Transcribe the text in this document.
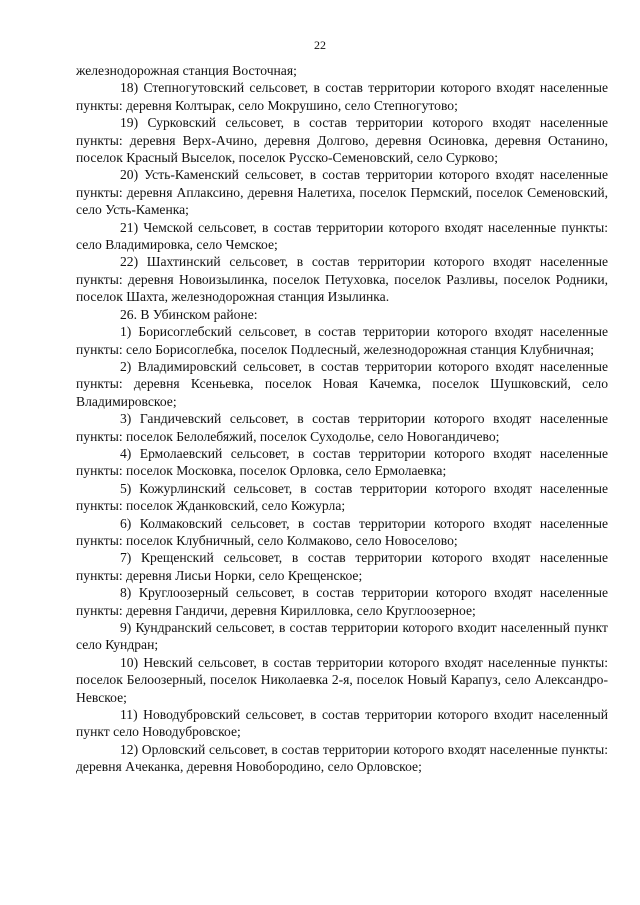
22

железнодорожная станция Восточная;

18) Степногутовский сельсовет, в состав территории которого входят населенные пункты: деревня Колтырак, село Мокрушино, село Степногутово;

19) Сурковский сельсовет, в состав территории которого входят населенные пункты: деревня Верх-Ачино, деревня Долгово, деревня Осиновка, деревня Останино, поселок Красный Выселок, поселок Русско-Семеновский, село Сурково;

20) Усть-Каменский сельсовет, в состав территории которого входят населенные пункты: деревня Аплаксино, деревня Налетиха, поселок Пермский, поселок Семеновский, село Усть-Каменка;

21) Чемской сельсовет, в состав территории которого входят населенные пункты: село Владимировка, село Чемское;

22) Шахтинский сельсовет, в состав территории которого входят населенные пункты: деревня Новоизылинка, поселок Петуховка, поселок Разливы, поселок Родники, поселок Шахта, железнодорожная станция Изылинка.

26. В Убинском районе:

1) Борисоглебский сельсовет, в состав территории которого входят населенные пункты: село Борисоглебка, поселок Подлесный, железнодорожная станция Клубничная;

2) Владимировский сельсовет, в состав территории которого входят населенные пункты: деревня Ксеньевка, поселок Новая Качемка, поселок Шушковский, село Владимировское;

3) Гандичевский сельсовет, в состав территории которого входят населенные пункты: поселок Белолебяжий, поселок Суходолье, село Новогандичево;

4) Ермолаевский сельсовет, в состав территории которого входят населенные пункты: поселок Московка, поселок Орловка, село Ермолаевка;

5) Кожурлинский сельсовет, в состав территории которого входят населенные пункты: поселок Жданковский, село Кожурла;

6) Колмаковский сельсовет, в состав территории которого входят населенные пункты: поселок Клубничный, село Колмаково, село Новоселово;

7) Крещенский сельсовет, в состав территории которого входят населенные пункты: деревня Лисьи Норки, село Крещенское;

8) Круглоозерный сельсовет, в состав территории которого входят населенные пункты: деревня Гандичи, деревня Кирилловка, село Круглоозерное;

9) Кундранский сельсовет, в состав территории которого входит населенный пункт село Кундран;

10) Невский сельсовет, в состав территории которого входят населенные пункты: поселок Белоозерный, поселок Николаевка 2-я, поселок Новый Карапуз, село Александро-Невское;

11) Новодубровский сельсовет, в состав территории которого входит населенный пункт село Новодубровское;

12) Орловский сельсовет, в состав территории которого входят населенные пункты: деревня Ачеканка, деревня Новобородино, село Орловское;
